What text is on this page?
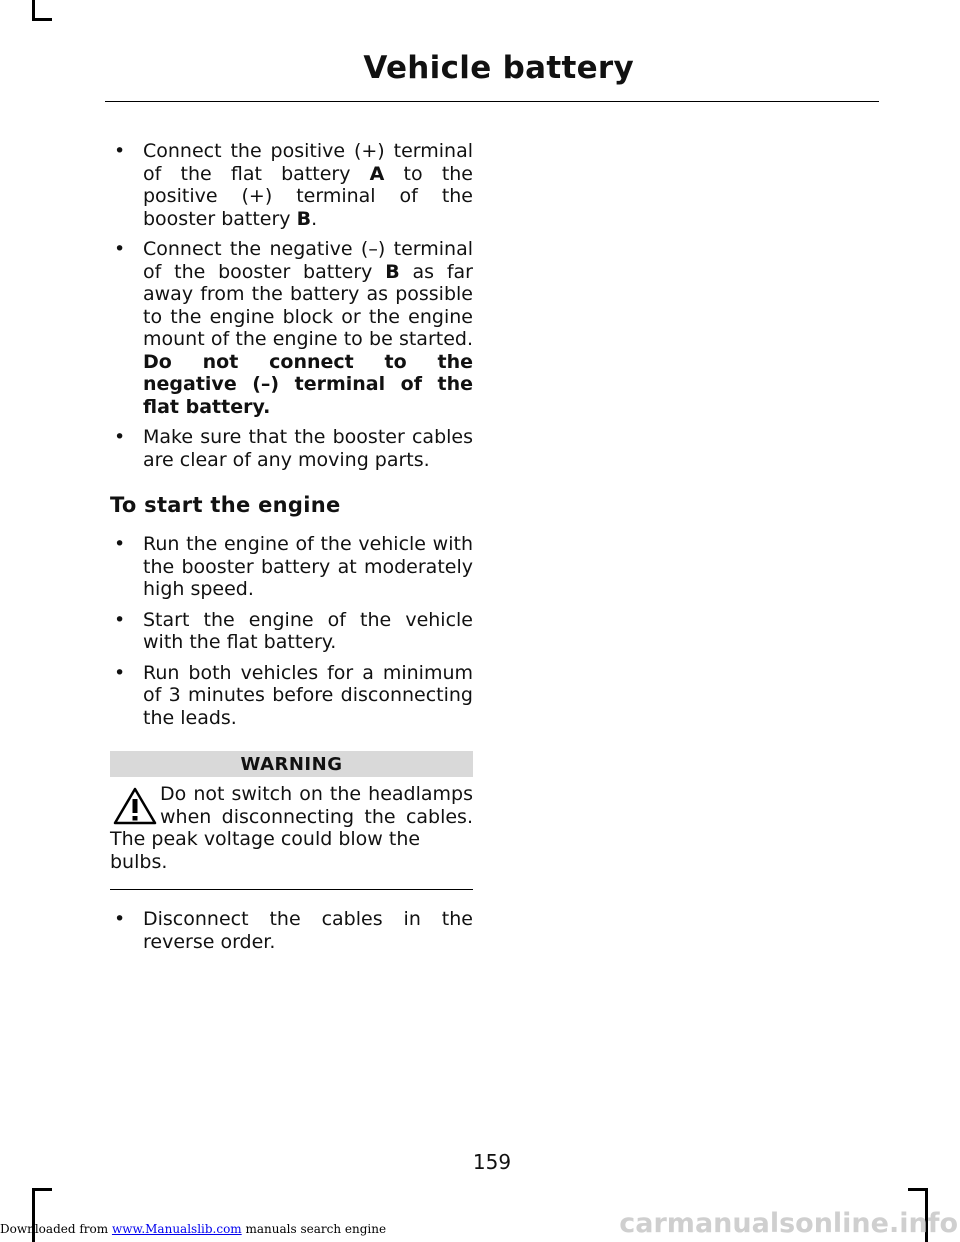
Vehicle battery
• Connect the positive (+) terminal of the flat battery A to the positive (+) terminal of the booster battery B.
• Connect the negative (–) terminal of the booster battery B as far away from the battery as possible to the engine block or the engine mount of the engine to be started. Do not connect to the negative (–) terminal of the flat battery.
• Make sure that the booster cables are clear of any moving parts.
To start the engine
• Run the engine of the vehicle with the booster battery at moderately high speed.
• Start the engine of the vehicle with the flat battery.
• Run both vehicles for a minimum of 3 minutes before disconnecting the leads.
WARNING
Do not switch on the headlamps
when disconnecting the cables.
The peak voltage could blow the bulbs.
• Disconnect the cables in the reverse order.
159
Downloaded from www.Manualslib.com manuals search engine	carmanualsonline.info
